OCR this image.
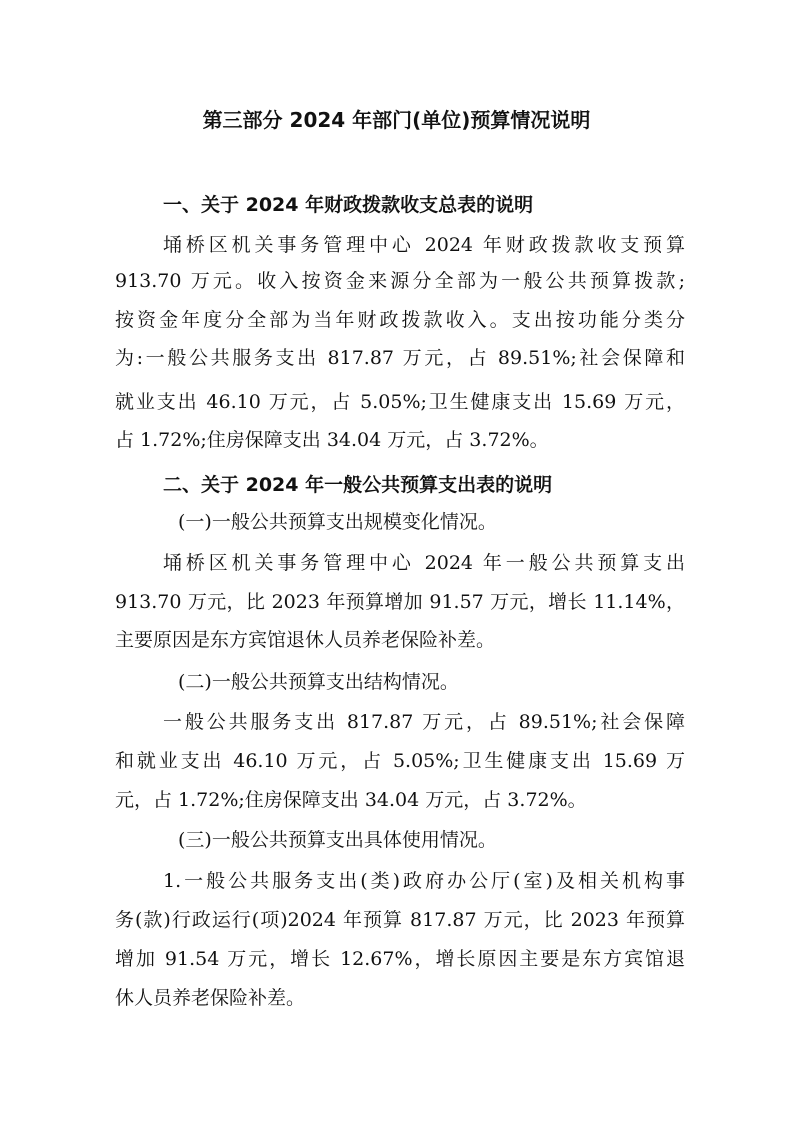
第三部分 2024 年部门(单位)预算情况说明
一、关于 2024 年财政拨款收支总表的说明
埇桥区机关事务管理中心 2024 年财政拨款收支预算
913.70 万元。收入按资金来源分全部为一般公共预算拨款;
按资金年度分全部为当年财政拨款收入。支出按功能分类分
为:一般公共服务支出 817.87 万元，占 89.51%;社会保障和
就业支出 46.10 万元，占 5.05%;卫生健康支出 15.69 万元，
占 1.72%;住房保障支出 34.04 万元，占 3.72%。
二、关于 2024 年一般公共预算支出表的说明
(一)一般公共预算支出规模变化情况。
埇桥区机关事务管理中心 2024 年一般公共预算支出
913.70 万元，比 2023 年预算增加 91.57 万元，增长 11.14%，
主要原因是东方宾馆退休人员养老保险补差。
(二)一般公共预算支出结构情况。
一般公共服务支出 817.87 万元，占 89.51%;社会保障
和就业支出 46.10 万元，占 5.05%;卫生健康支出 15.69 万
元，占 1.72%;住房保障支出 34.04 万元，占 3.72%。
(三)一般公共预算支出具体使用情况。
1.一般公共服务支出(类)政府办公厅(室)及相关机构事
务(款)行政运行(项)2024 年预算 817.87 万元，比 2023 年预算
增加 91.54 万元，增长 12.67%，增长原因主要是东方宾馆退
休人员养老保险补差。
